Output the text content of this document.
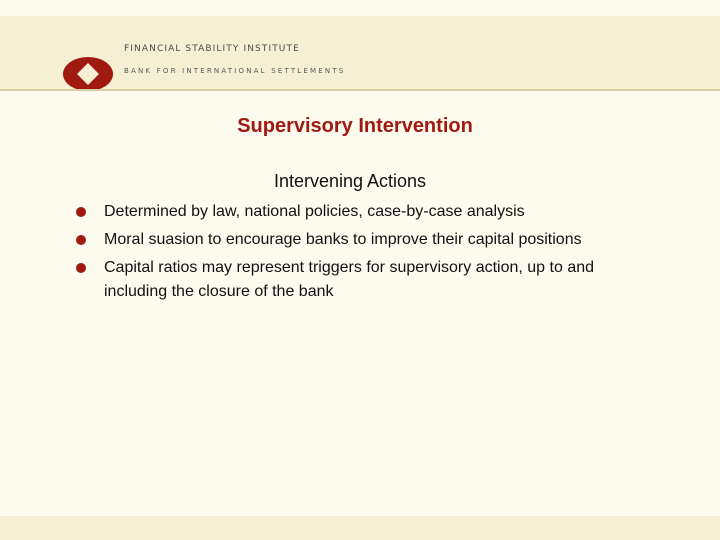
FINANCIAL STABILITY INSTITUTE
BANK FOR INTERNATIONAL SETTLEMENTS
Supervisory Intervention
Intervening Actions
Determined by law, national policies, case-by-case analysis
Moral suasion to encourage banks to improve their capital positions
Capital ratios may represent triggers for supervisory action, up to and including the closure of the bank
